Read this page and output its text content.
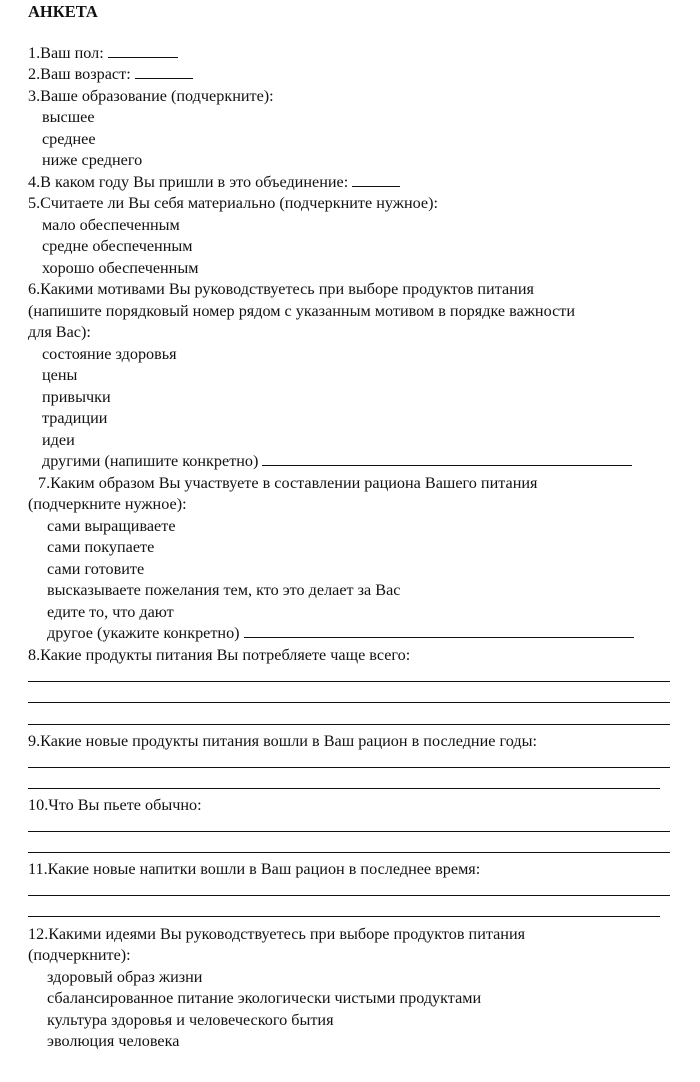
АНКЕТА
1.Ваш пол:
2.Ваш возраст:
3.Ваше образование (подчеркните):
высшее
среднее
ниже среднего
4.В каком году Вы пришли в это объединение:
5.Считаете ли Вы себя материально (подчеркните нужное):
мало обеспеченным
средне обеспеченным
хорошо обеспеченным
6.Какими мотивами Вы руководствуетесь при выборе продуктов питания
(напишите порядковый номер рядом с указанным мотивом в порядке важности
для Вас):
состояние здоровья
цены
привычки
традиции
идеи
другими (напишите конкретно)
7.Каким образом Вы участвуете в составлении рациона Вашего питания
(подчеркните нужное):
сами выращиваете
сами покупаете
сами готовите
высказываете пожелания тем, кто это делает за Вас
едите то, что дают
другое (укажите конкретно)
8.Какие продукты питания Вы потребляете чаще всего:
9.Какие новые продукты питания вошли в Ваш рацион в последние годы:
10.Что Вы пьете обычно:
11.Какие новые напитки вошли в Ваш рацион в последнее время:
12.Какими идеями Вы руководствуетесь при выборе продуктов питания
(подчеркните):
здоровый образ жизни
сбалансированное питание экологически чистыми продуктами
культура здоровья и человеческого бытия
эволюция человека
